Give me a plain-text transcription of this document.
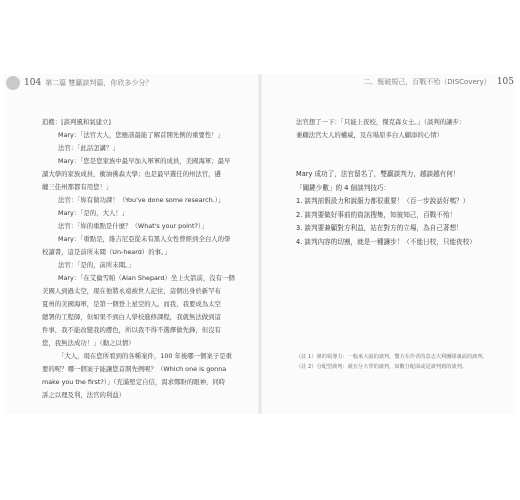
104 第二篇 雙贏談判篇，你欣多少分？	二、報破規己，百戰不殆（DISCovery） 105

追搬：[談判風和氣建立]

Mary：「法官大人，您應該最能了解首開先例的重要性！」

法官：「此話怎講？」

Mary：「您是您家族中最早加入軍軍的成員，美國海軍；最早

讀大學的家族成員，衝油佛森大學；也是最早選任的州法官，遴

纏三佳州那都有用您！」

法官：「妳有做功課！（You've done some research.）」

Mary：「是的，大人！」

法官：「妳的重點是什麼？（What's your point?）」

Mary：「重點是，維吉尼亞從未有黑人女性曾經到全白人的學

校讀書，這是前所未聞（Un-heard）的事。」

法官：「是的，前所未聞。」

Mary：「在艾倫雪帕（Alan Shepard）坐上火箭前，沒有一個

美國人到過太空，現在他將永遠被世人記住，這個出身於新罕布

夏州的美國海軍，是第一個登上星空的人。而我，我要成為太空

總署的工程師，但如果不到白人學校進修課程，我就無法做到這

件事，我不能改變我的膚色，所以我不得不選擇做先鋒，但沒有

您，我無法成功！」（動之以情）

「大人，現在您所看到的各種案件，100 年後哪一個案子是重

要的呢？哪一個案子能讓您首開先例呢？（Which one is gonna

make you the first?）」（充滿堅定自信，渴求鄭盼的眼神，同時

訴之以理及利，法官的利益）

法官想了一下：「只能上夜校，傑克森女士。」（談判的讓步：

兼顧法官大人的權威，及在場原多白人顧添的心情）

Mary 成功了，法官留名了，雙贏談判力，越談越有何！

「關鍵少數」的 4 個談判技巧：

1. 談判前假設力和說服力都很重要！（百一步說話好嗎？）
2. 談判要做好事前的資訊搜集，知彼知己，百戰不殆！
3. 談判要兼顧對方利益，站在對方的立場，為自己著想！
4. 談判內容的切割，就是一種讓步！（不能日校，只能夜校）

（註 1）黨的領導力：一般來大說的談判，雙方在作者的意志大利團隊裏面的談判。

（註 2）分配型談判：就在分大學的談判，如數分配面或是談判到的談判。
